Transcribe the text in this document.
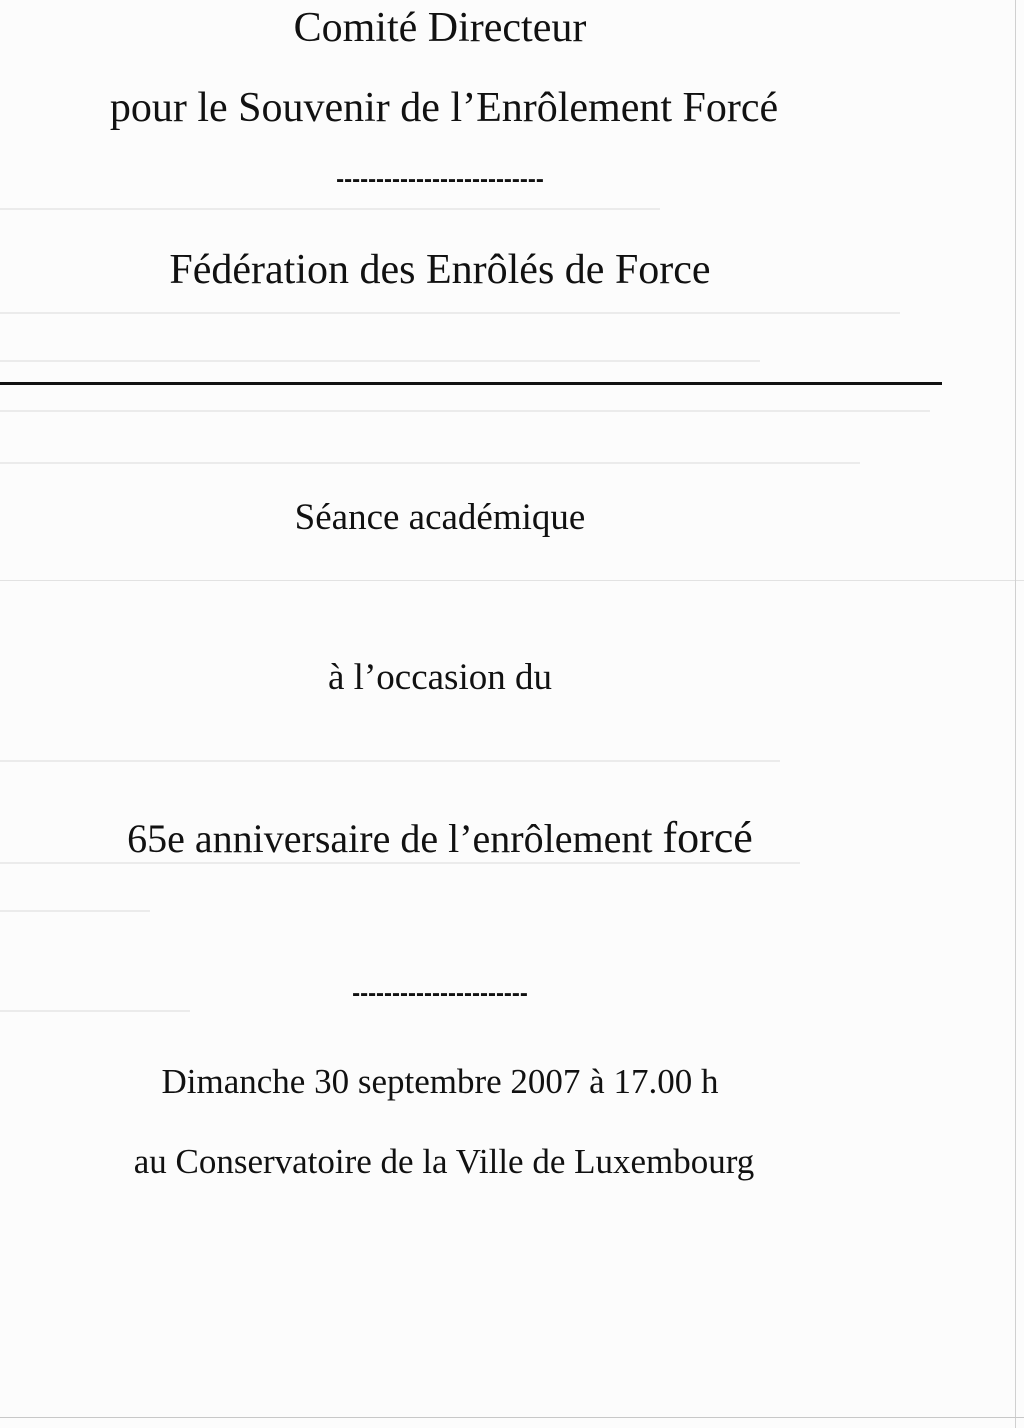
Comité Directeur
pour le Souvenir de l’Enrôlement Forcé
--------------------------
Fédération des Enrôlés de Force
Séance académique
à l’occasion du
65e anniversaire de l’enrôlement forcé
----------------------
Dimanche 30 septembre 2007 à 17.00 h
au Conservatoire de la Ville de Luxembourg
